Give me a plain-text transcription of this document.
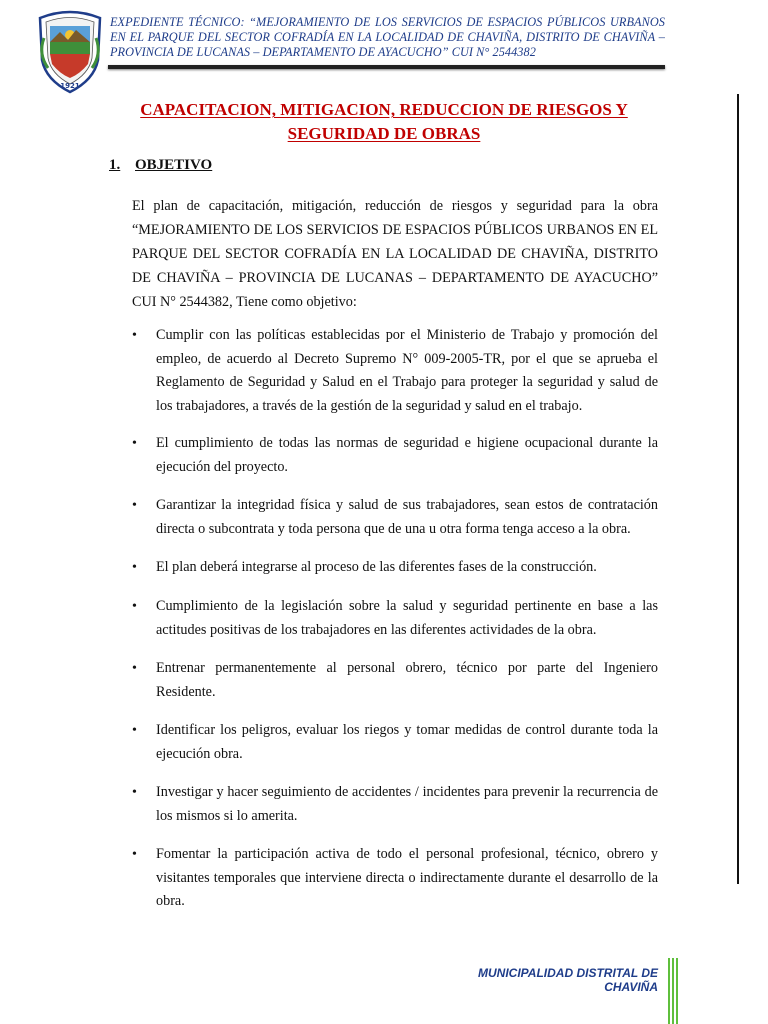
1921
EXPEDIENTE TÉCNICO: “MEJORAMIENTO DE LOS SERVICIOS DE ESPACIOS PÚBLICOS URBANOS EN EL PARQUE DEL SECTOR COFRADÍA EN LA LOCALIDAD DE CHAVIÑA, DISTRITO DE CHAVIÑA – PROVINCIA DE LUCANAS – DEPARTAMENTO DE AYACUCHO” CUI N° 2544382
CAPACITACION, MITIGACION, REDUCCION DE RIESGOS Y SEGURIDAD DE OBRAS
1. OBJETIVO
El plan de capacitación, mitigación, reducción de riesgos y seguridad para la obra “MEJORAMIENTO DE LOS SERVICIOS DE ESPACIOS PÚBLICOS URBANOS EN EL PARQUE DEL SECTOR COFRADÍA EN LA LOCALIDAD DE CHAVIÑA, DISTRITO DE CHAVIÑA – PROVINCIA DE LUCANAS – DEPARTAMENTO DE AYACUCHO” CUI N° 2544382, Tiene como objetivo:
•	Cumplir con las políticas establecidas por el Ministerio de Trabajo y promoción del empleo, de acuerdo al Decreto Supremo N° 009-2005-TR, por el que se aprueba el Reglamento de Seguridad y Salud en el Trabajo para proteger la seguridad y salud de los trabajadores, a través de la gestión de la seguridad y salud en el trabajo.
•	El cumplimiento de todas las normas de seguridad e higiene ocupacional durante la ejecución del proyecto.
•	Garantizar la integridad física y salud de sus trabajadores, sean estos de contratación directa o subcontrata y toda persona que de una u otra forma tenga acceso a la obra.
•	El plan deberá integrarse al proceso de las diferentes fases de la construcción.
•	Cumplimiento de la legislación sobre la salud y seguridad pertinente en base a las actitudes positivas de los trabajadores en las diferentes actividades de la obra.
•	Entrenar permanentemente al personal obrero, técnico por parte del Ingeniero Residente.
•	Identificar los peligros, evaluar los riegos y tomar medidas de control durante toda la ejecución obra.
•	Investigar y hacer seguimiento de accidentes / incidentes para prevenir la recurrencia de los mismos si lo amerita.
•	Fomentar la participación activa de todo el personal profesional, técnico, obrero y visitantes temporales que interviene directa o indirectamente durante el desarrollo de la obra.
MUNICIPALIDAD DISTRITAL DE CHAVIÑA
